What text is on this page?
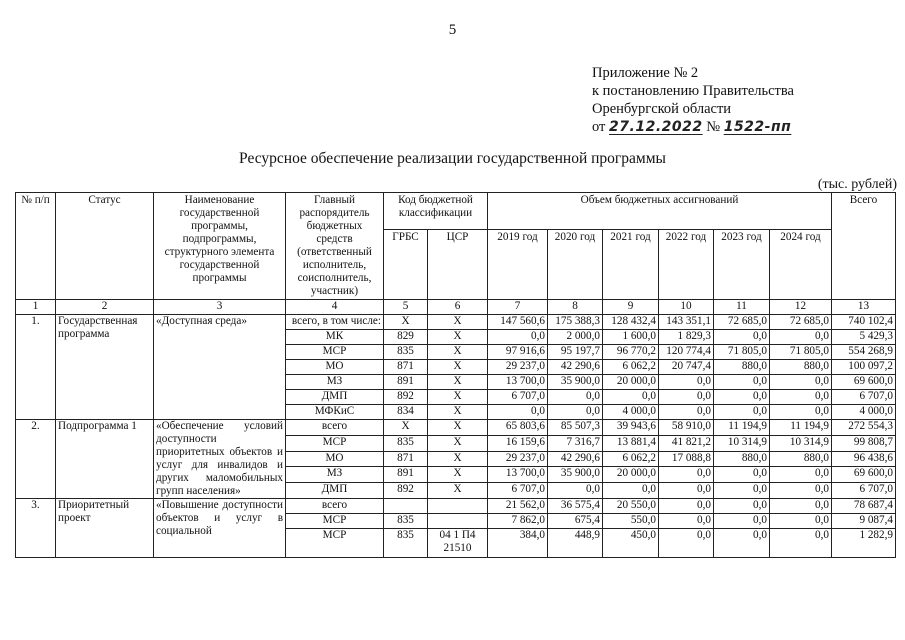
5
Приложение № 2
к постановлению Правительства
Оренбургской области
от 27.12.2022 № 1522-пп
Ресурсное обеспечение реализации государственной программы
(тыс. рублей)
№ п/п	Статус	Наименование государственной программы, подпрограммы, структурного элемента государственной программы	Главный распорядитель бюджетных средств (ответственный исполнитель, соисполнитель, участник)	Код бюджетной классификации		Объем бюджетных ассигнований						Всего
				ГРБС	ЦСР	2019 год	2020 год	2021 год	2022 год	2023 год	2024 год	
1	2	3	4	5	6	7	8	9	10	11	12	13
1.	Государственная программа	«Доступная среда»	всего, в том числе:	Х	Х	147 560,6	175 388,3	128 432,4	143 351,1	72 685,0	72 685,0	740 102,4
			МК	829	Х	0,0	2 000,0	1 600,0	1 829,3	0,0	0,0	5 429,3
			МСР	835	Х	97 916,6	95 197,7	96 770,2	120 774,4	71 805,0	71 805,0	554 268,9
			МО	871	Х	29 237,0	42 290,6	6 062,2	20 747,4	880,0	880,0	100 097,2
			МЗ	891	Х	13 700,0	35 900,0	20 000,0	0,0	0,0	0,0	69 600,0
			ДМП	892	Х	6 707,0	0,0	0,0	0,0	0,0	0,0	6 707,0
			МФКиС	834	Х	0,0	0,0	4 000,0	0,0	0,0	0,0	4 000,0
2.	Подпрограмма 1	«Обеспечение условий доступности приоритетных объектов и услуг для инвалидов и других маломобильных групп населения»	всего	Х	Х	65 803,6	85 507,3	39 943,6	58 910,0	11 194,9	11 194,9	272 554,3
			МСР	835	Х	16 159,6	7 316,7	13 881,4	41 821,2	10 314,9	10 314,9	99 808,7
			МО	871	Х	29 237,0	42 290,6	6 062,2	17 088,8	880,0	880,0	96 438,6
			МЗ	891	Х	13 700,0	35 900,0	20 000,0	0,0	0,0	0,0	69 600,0
			ДМП	892	Х	6 707,0	0,0	0,0	0,0	0,0	0,0	6 707,0
3.	Приоритетный проект	«Повышение доступности объектов и услуг в социальной	всего			21 562,0	36 575,4	20 550,0	0,0	0,0	0,0	78 687,4
			МСР	835		7 862,0	675,4	550,0	0,0	0,0	0,0	9 087,4
			МСР	835	04 1 П4 21510	384,0	448,9	450,0	0,0	0,0	0,0	1 282,9
